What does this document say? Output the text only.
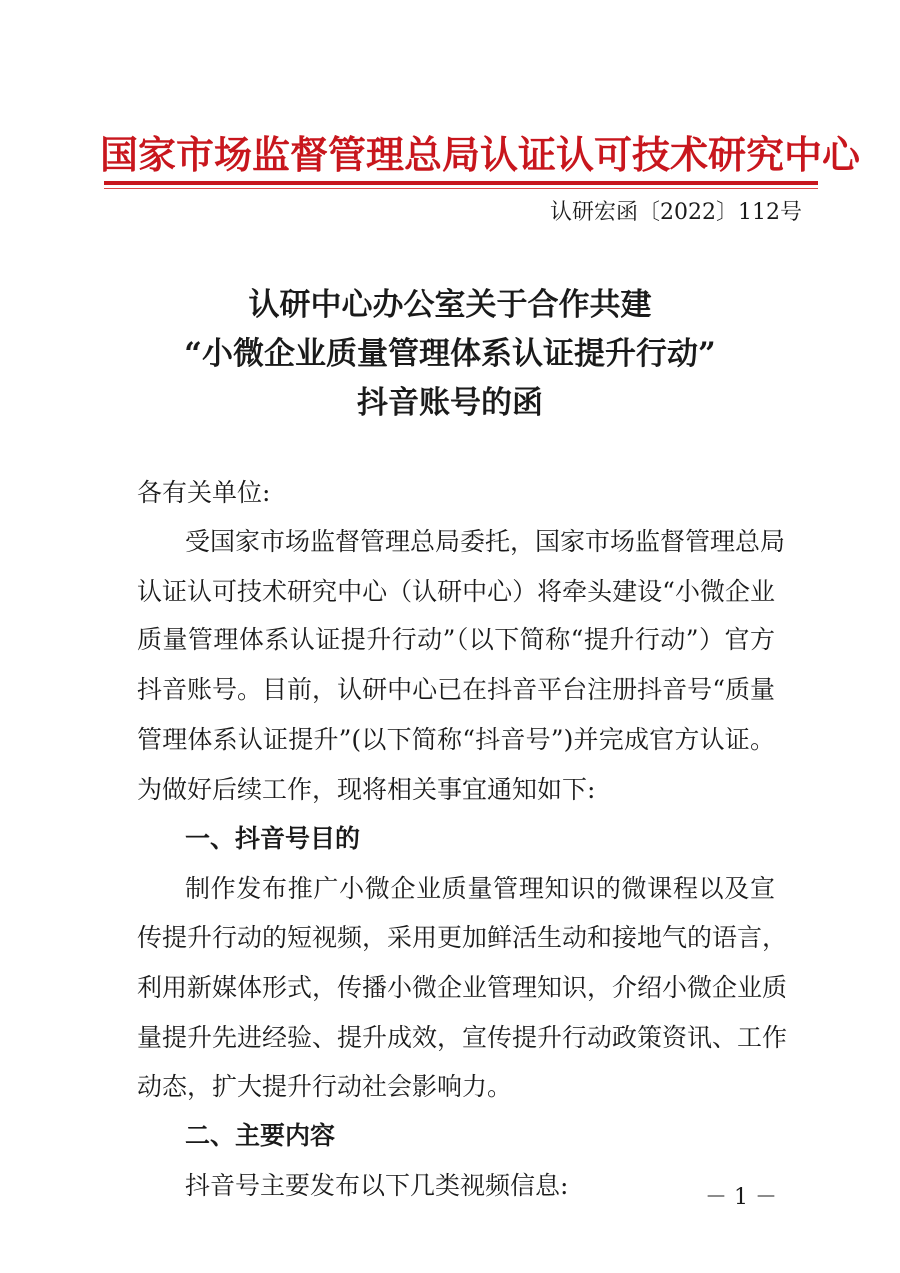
国家市场监督管理总局认证认可技术研究中心
认研宏函〔2022〕112号
认研中心办公室关于合作共建
“小微企业质量管理体系认证提升行动”
抖音账号的函
各有关单位:
受国家市场监督管理总局委托，国家市场监督管理总局
认证认可技术研究中心（认研中心）将牵头建设“小微企业
质量管理体系认证提升行动”（以下简称“提升行动”）官方
抖音账号。目前，认研中心已在抖音平台注册抖音号“质量
管理体系认证提升”(以下简称“抖音号”)并完成官方认证。
为做好后续工作，现将相关事宜通知如下:
一、抖音号目的
制作发布推广小微企业质量管理知识的微课程以及宣
传提升行动的短视频，采用更加鲜活生动和接地气的语言，
利用新媒体形式，传播小微企业管理知识，介绍小微企业质
量提升先进经验、提升成效，宣传提升行动政策资讯、工作
动态，扩大提升行动社会影响力。
二、主要内容
抖音号主要发布以下几类视频信息:	－ 1 －
